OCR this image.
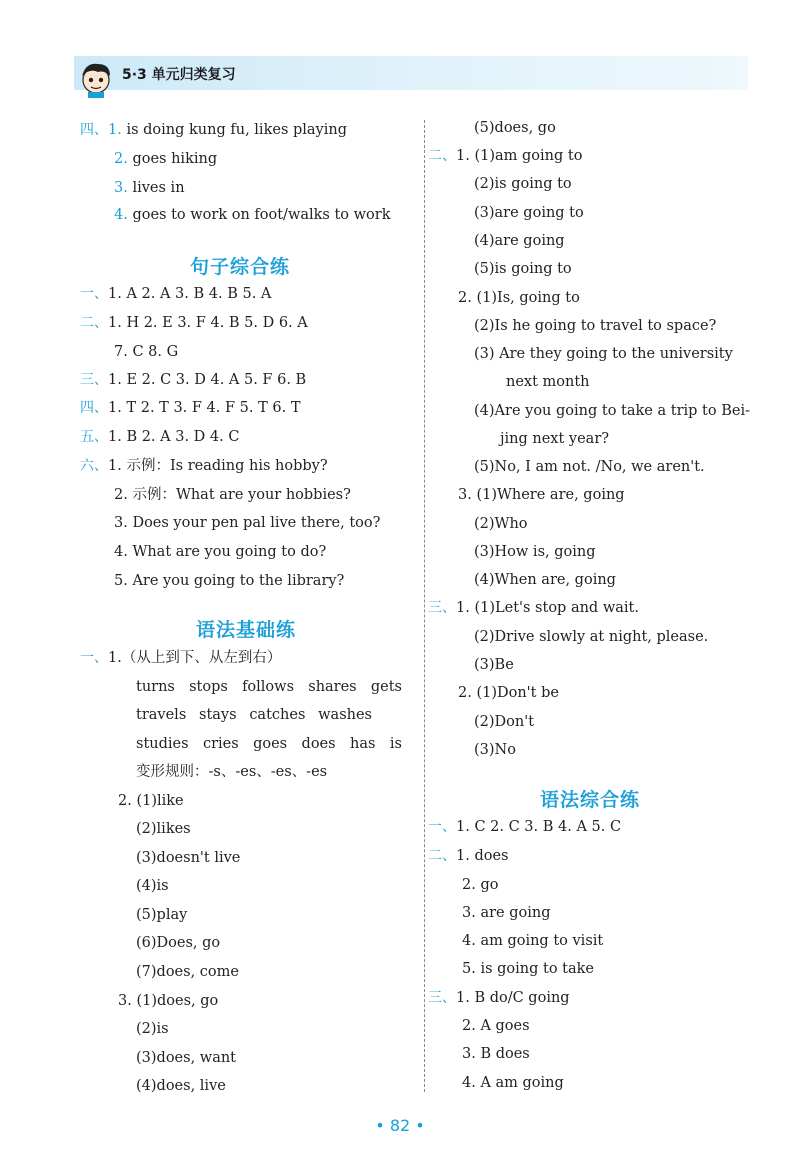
5·3 单元归类复习
四、1. is doing kung fu, likes playing
2. goes hiking
3. lives in
4. goes to work on foot/walks to work
句子综合练
一、1. A 2. A 3. B 4. B 5. A
二、1. H 2. E 3. F 4. B 5. D 6. A
7. C 8. G
三、1. E 2. C 3. D 4. A 5. F 6. B
四、1. T 2. T 3. F 4. F 5. T 6. T
五、1. B 2. A 3. D 4. C
六、1. 示例：Is reading his hobby?
2. 示例：What are your hobbies?
3. Does your pen pal live there, too?
4. What are you going to do?
5. Are you going to the library?
语法基础练
一、1.（从上到下、从左到右）
turns stops follows shares gets
travels stays catches washes
studies cries goes does has is
变形规则：-s、-es、-es、-es
2. (1)like
(2)likes
(3)doesn't live
(4)is
(5)play
(6)Does, go
(7)does, come
3. (1)does, go
(2)is
(3)does, want
(4)does, live
(5)does, go
二、1. (1)am going to
(2)is going to
(3)are going to
(4)are going
(5)is going to
2. (1)Is, going to
(2)Is he going to travel to space?
(3) Are they going to the university
next month
(4)Are you going to take a trip to Bei-
jing next year?
(5)No, I am not. /No, we aren't.
3. (1)Where are, going
(2)Who
(3)How is, going
(4)When are, going
三、1. (1)Let's stop and wait.
(2)Drive slowly at night, please.
(3)Be
2. (1)Don't be
(2)Don't
(3)No
语法综合练
一、1. C 2. C 3. B 4. A 5. C
二、1. does
2. go
3. are going
4. am going to visit
5. is going to take
三、1. B do/C going
2. A goes
3. B does
4. A am going
• 82 •
